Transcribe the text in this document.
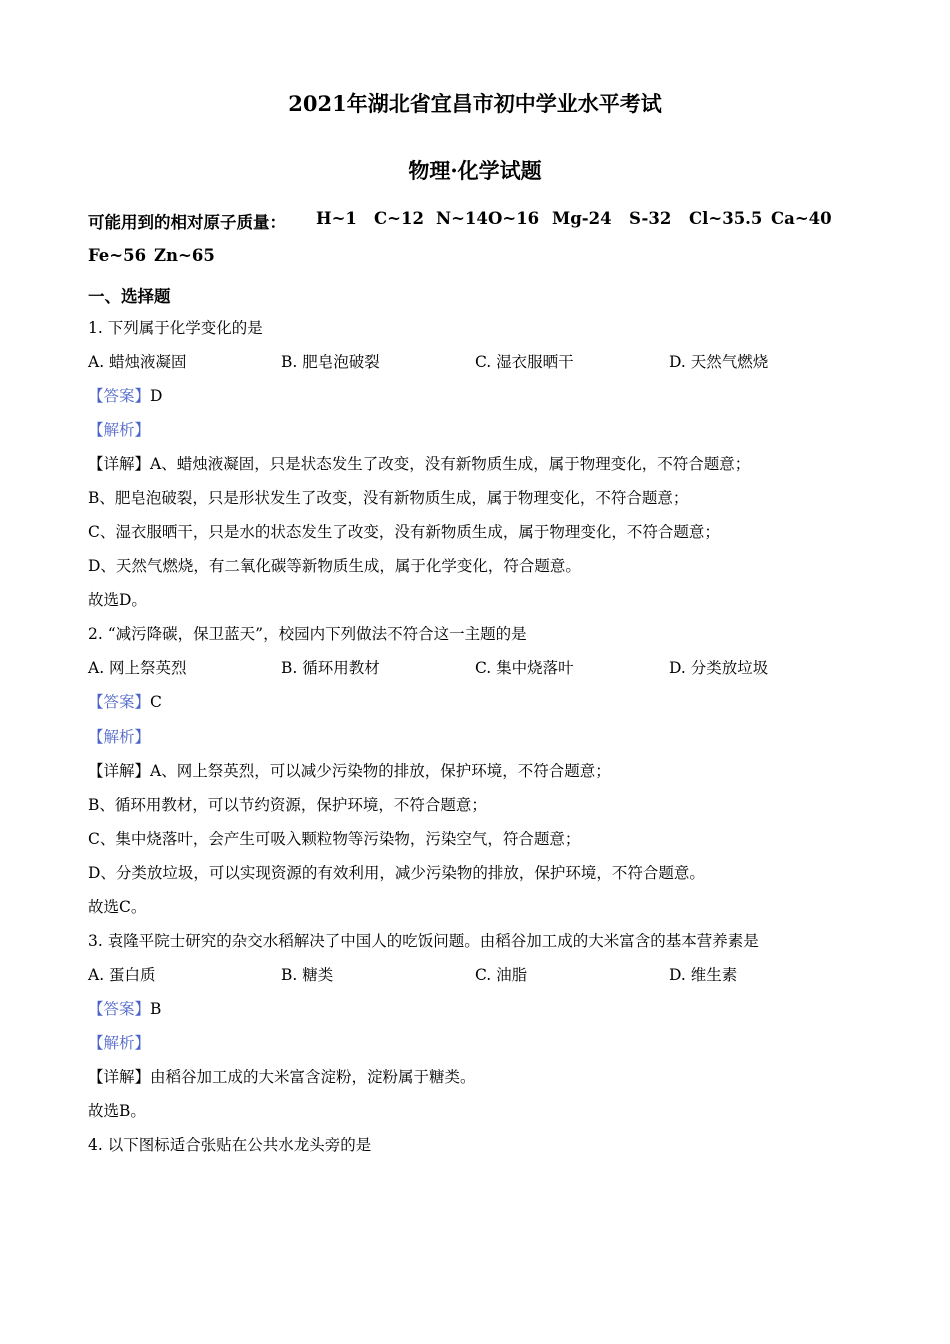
2021年湖北省宜昌市初中学业水平考试
物理·化学试题
可能用到的相对原子质量： H~1 C~12 N~14 O~16 Mg-24 S-32 Cl~35.5 Ca~40
Fe~56 Zn~65
一、选择题
1. 下列属于化学变化的是
A. 蜡烛液凝固	B. 肥皂泡破裂	C. 湿衣服晒干	D. 天然气燃烧
【答案】D
【解析】
【详解】A、蜡烛液凝固，只是状态发生了改变，没有新物质生成，属于物理变化，不符合题意；
B、肥皂泡破裂，只是形状发生了改变，没有新物质生成，属于物理变化，不符合题意；
C、湿衣服晒干，只是水的状态发生了改变，没有新物质生成，属于物理变化，不符合题意；
D、天然气燃烧，有二氧化碳等新物质生成，属于化学变化，符合题意。
故选D。
2. “减污降碳，保卫蓝天”，校园内下列做法不符合这一主题的是
A. 网上祭英烈	B. 循环用教材	C. 集中烧落叶	D. 分类放垃圾
【答案】C
【解析】
【详解】A、网上祭英烈，可以减少污染物的排放，保护环境，不符合题意；
B、循环用教材，可以节约资源，保护环境，不符合题意；
C、集中烧落叶，会产生可吸入颗粒物等污染物，污染空气，符合题意；
D、分类放垃圾，可以实现资源的有效利用，减少污染物的排放，保护环境，不符合题意。
故选C。
3. 袁隆平院士研究的杂交水稻解决了中国人的吃饭问题。由稻谷加工成的大米富含的基本营养素是
A. 蛋白质	B. 糖类	C. 油脂	D. 维生素
【答案】B
【解析】
【详解】由稻谷加工成的大米富含淀粉，淀粉属于糖类。
故选B。
4. 以下图标适合张贴在公共水龙头旁的是
